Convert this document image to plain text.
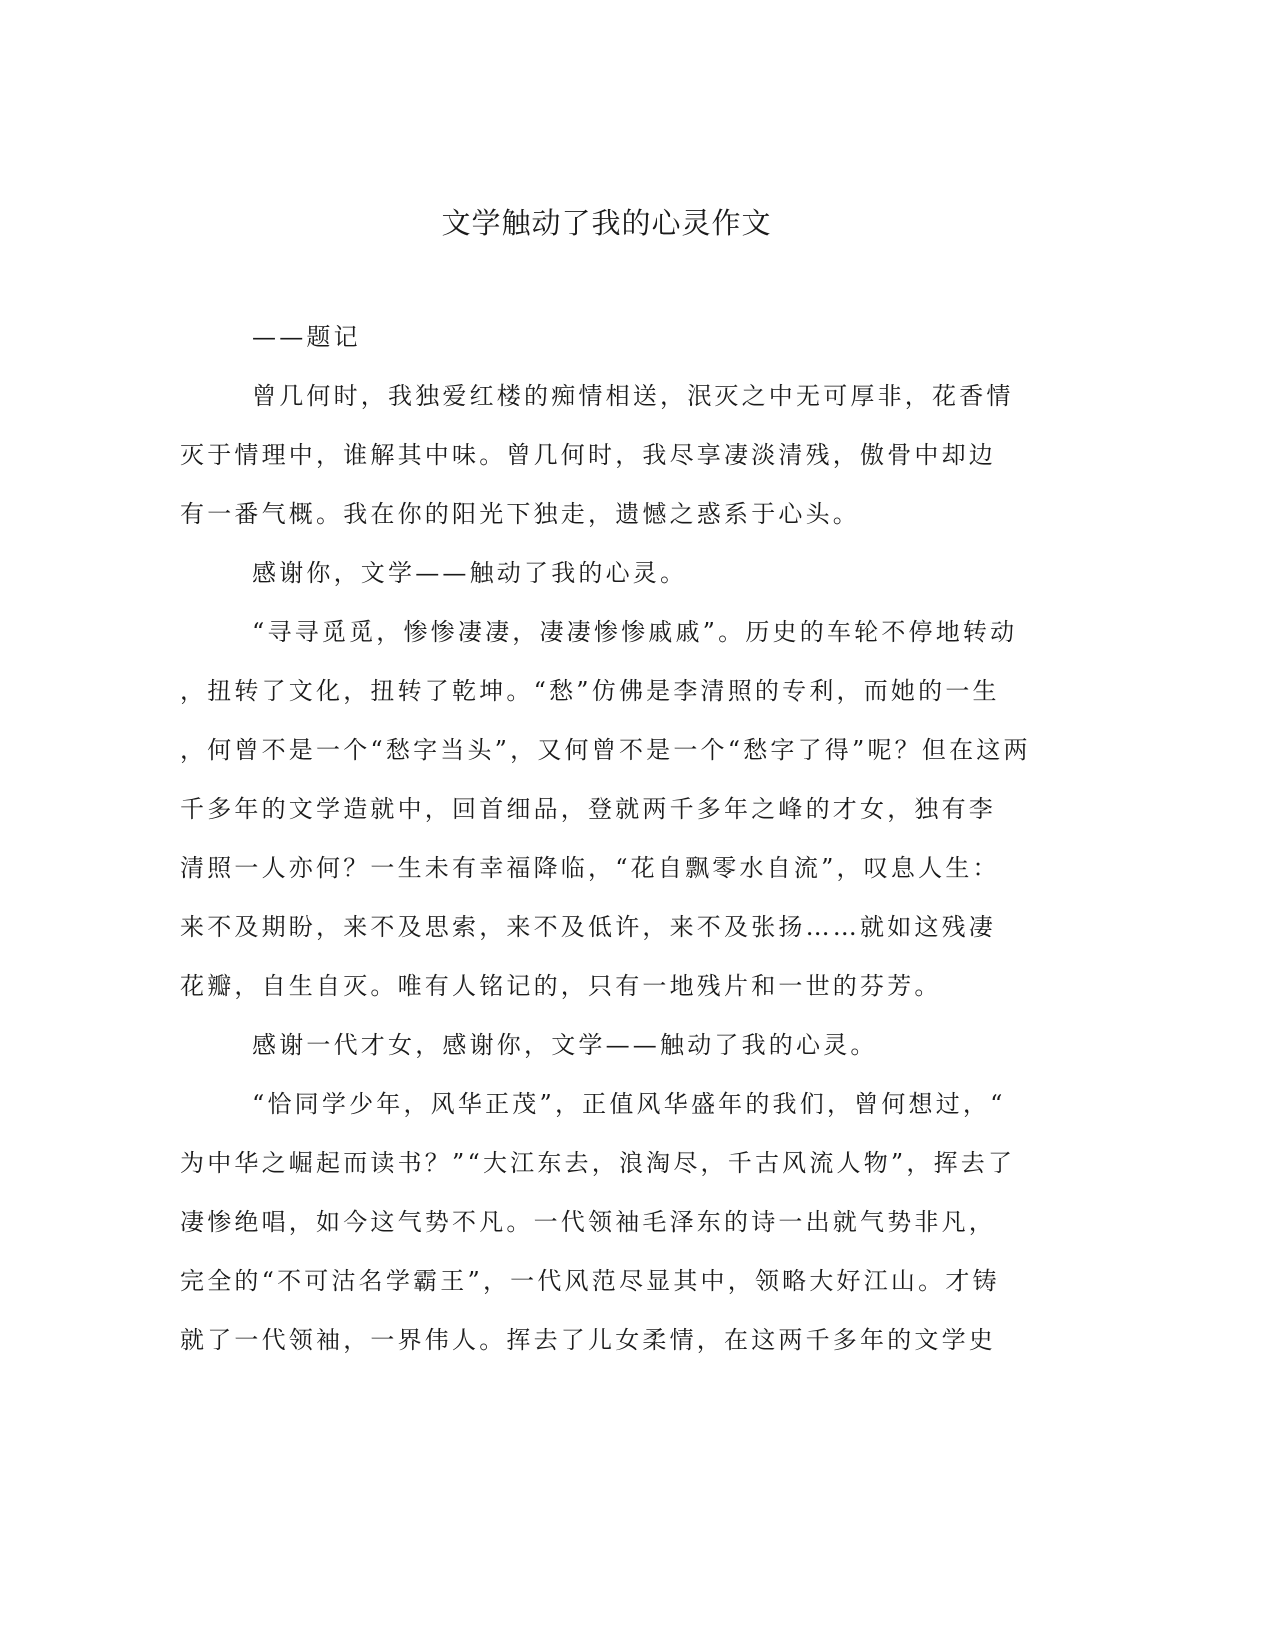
文学触动了我的心灵作文
——题记
曾几何时，我独爱红楼的痴情相送，泯灭之中无可厚非，花香情
灭于情理中，谁解其中味。曾几何时，我尽享凄淡清残，傲骨中却边
有一番气概。我在你的阳光下独走，遗憾之惑系于心头。
感谢你，文学——触动了我的心灵。
“寻寻觅觅，惨惨凄凄，凄凄惨惨戚戚”。历史的车轮不停地转动
，扭转了文化，扭转了乾坤。“愁”仿佛是李清照的专利，而她的一生
，何曾不是一个“愁字当头”，又何曾不是一个“愁字了得”呢？但在这两
千多年的文学造就中，回首细品，登就两千多年之峰的才女，独有李
清照一人亦何？一生未有幸福降临，“花自飘零水自流”，叹息人生：
来不及期盼，来不及思索，来不及低许，来不及张扬……就如这残凄
花瓣，自生自灭。唯有人铭记的，只有一地残片和一世的芬芳。
感谢一代才女，感谢你，文学——触动了我的心灵。
“恰同学少年，风华正茂”，正值风华盛年的我们，曾何想过，“
为中华之崛起而读书？”“大江东去，浪淘尽，千古风流人物”，挥去了
凄惨绝唱，如今这气势不凡。一代领袖毛泽东的诗一出就气势非凡，
完全的“不可沽名学霸王”，一代风范尽显其中，领略大好江山。才铸
就了一代领袖，一界伟人。挥去了儿女柔情，在这两千多年的文学史
